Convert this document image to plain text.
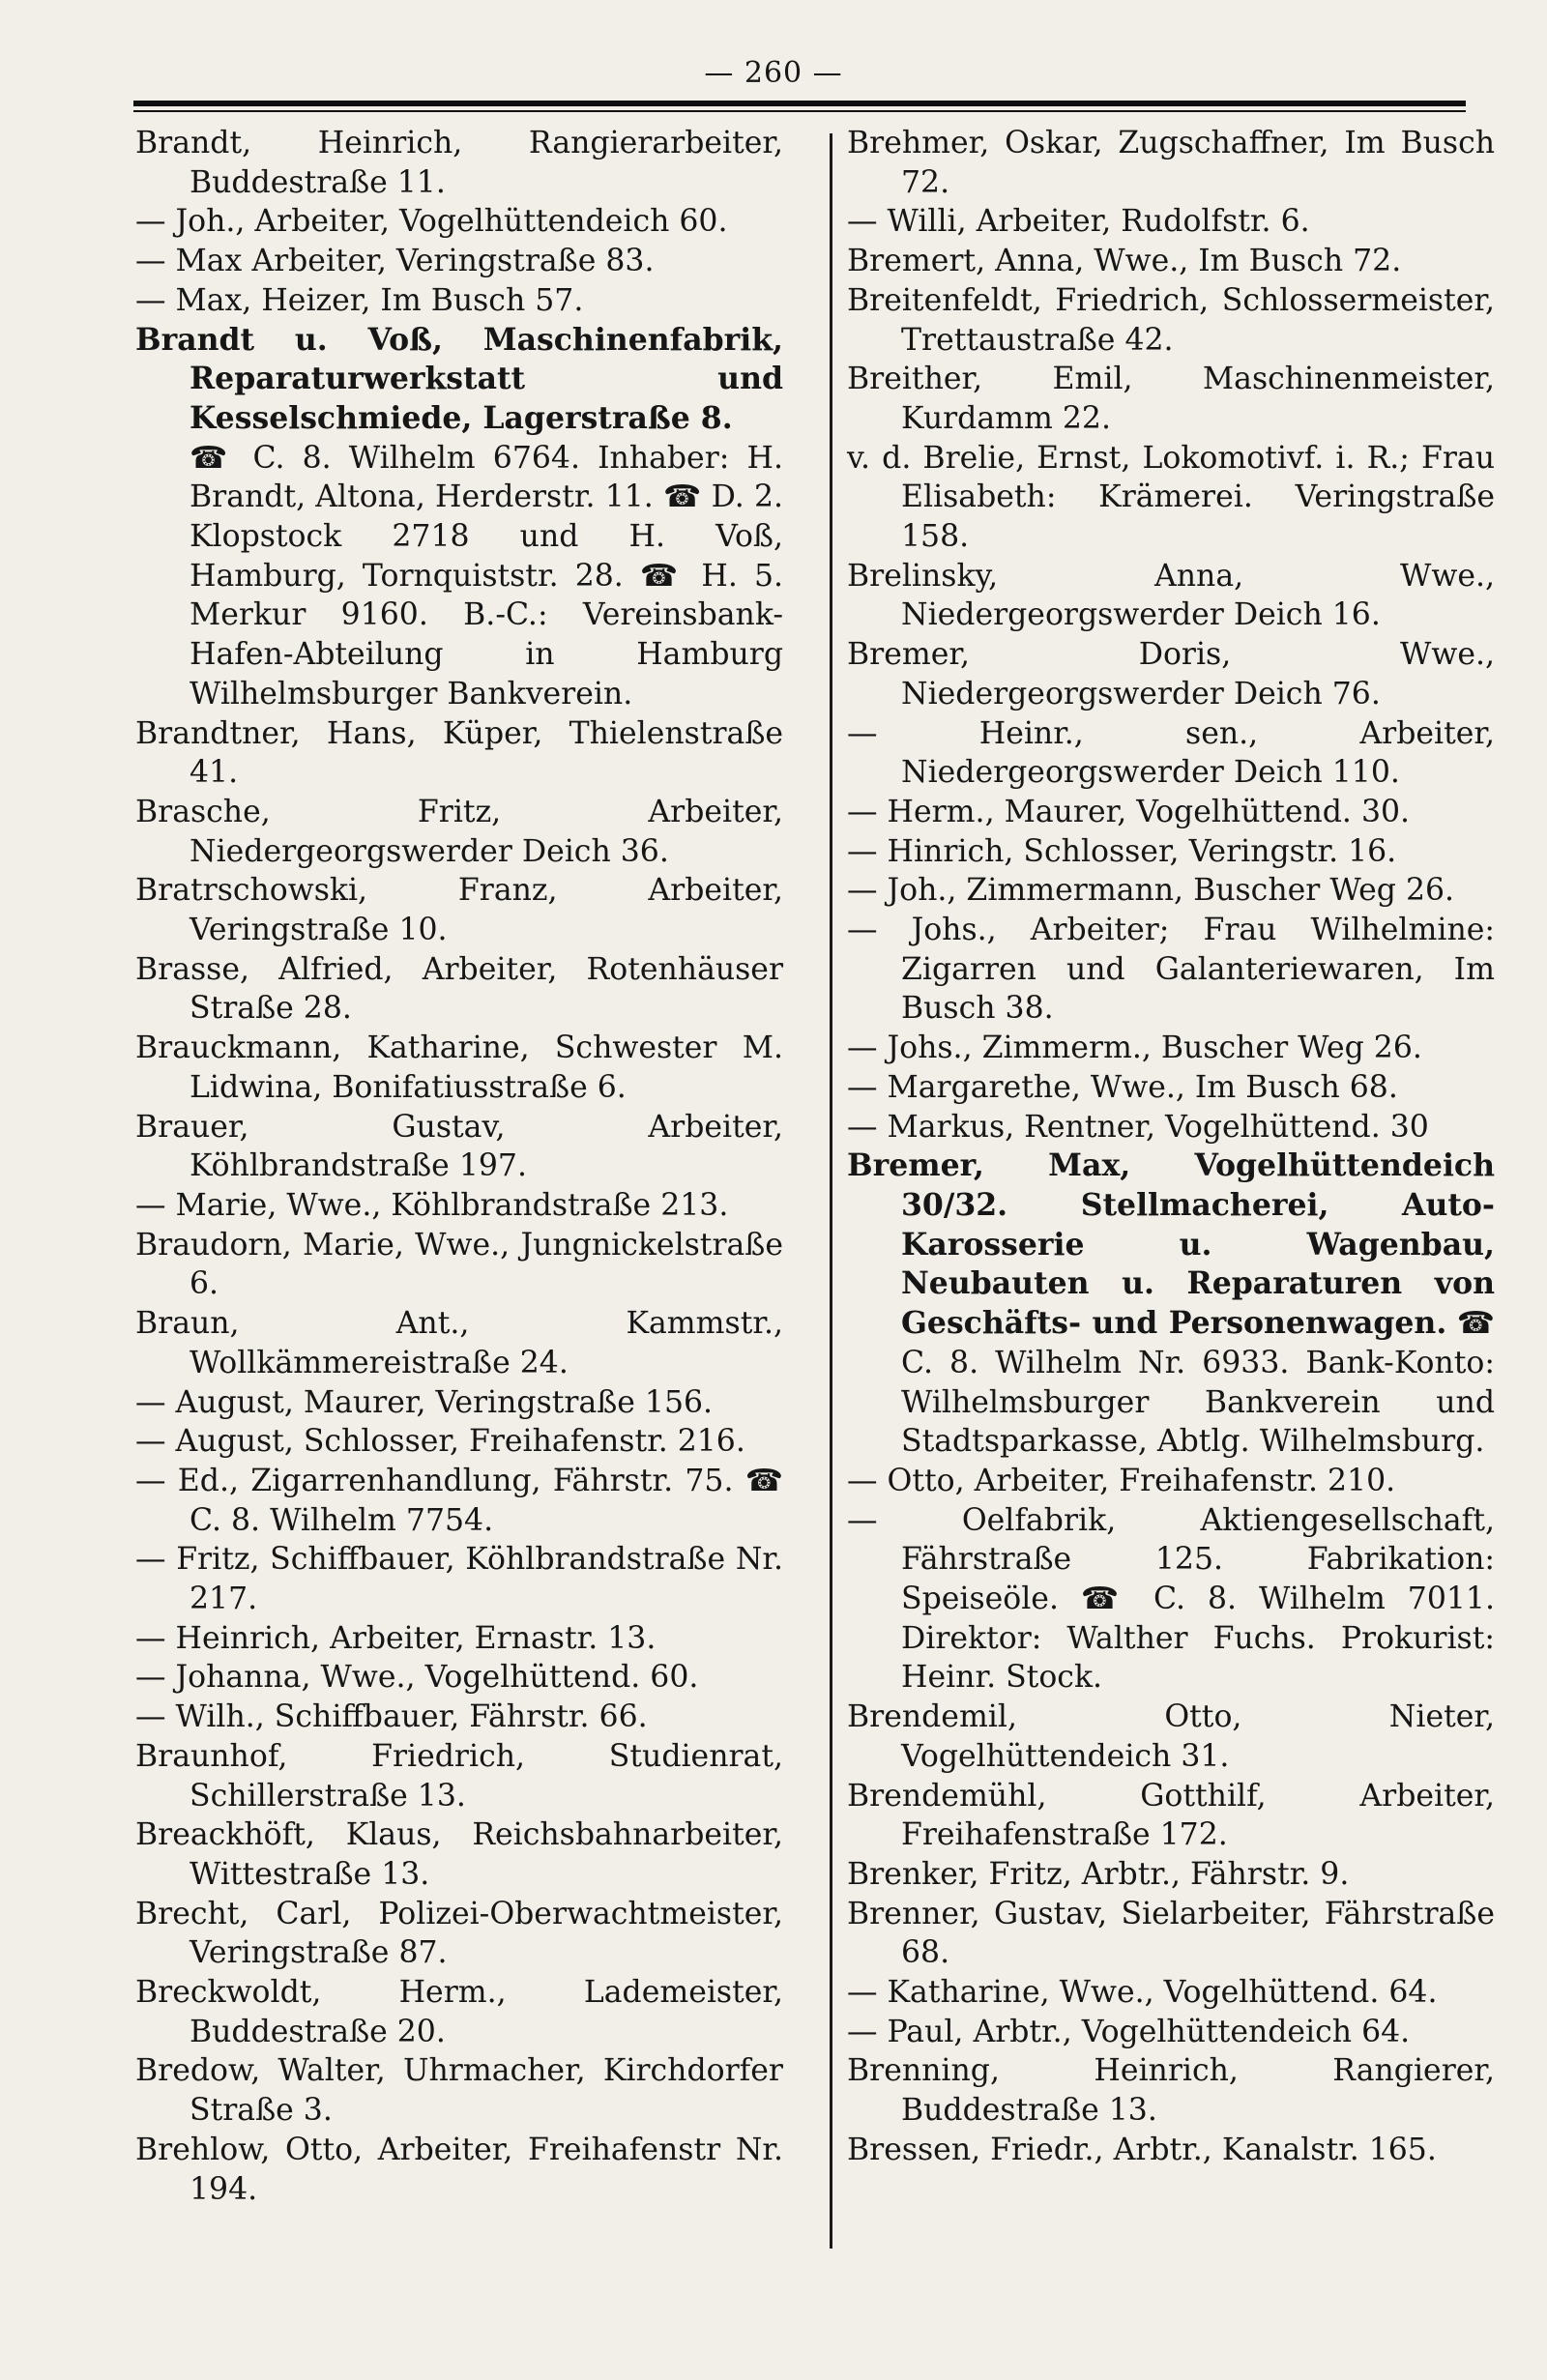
— 260 —
Brandt, Heinrich, Rangierarbeiter, Buddestraße 11.
— Joh., Arbeiter, Vogelhüttendeich 60.
— Max Arbeiter, Veringstraße 83.
— Max, Heizer, Im Busch 57.
Brandt u. Voß, Maschinenfabrik, Reparaturwerkstatt und Kesselschmiede, Lagerstraße 8.
☎ C. 8. Wilhelm 6764. Inhaber: H. Brandt, Altona, Herderstr. 11. ☎ D. 2. Klopstock 2718 und H. Voß, Hamburg, Tornquiststr. 28. ☎ H. 5. Merkur 9160. B.-C.: Vereinsbank-Hafen-Abteilung in Hamburg Wilhelmsburger Bankverein.
Brandtner, Hans, Küper, Thielenstraße 41.
Brasche, Fritz, Arbeiter, Niedergeorgswerder Deich 36.
Bratrschowski, Franz, Arbeiter, Veringstraße 10.
Brasse, Alfried, Arbeiter, Rotenhäuser Straße 28.
Brauckmann, Katharine, Schwester M. Lidwina, Bonifatiusstraße 6.
Brauer, Gustav, Arbeiter, Köhlbrandstraße 197.
— Marie, Wwe., Köhlbrandstraße 213.
Braudorn, Marie, Wwe., Jungnickelstraße 6.
Braun, Ant., Kammstr., Wollkämmereistraße 24.
— August, Maurer, Veringstraße 156.
— August, Schlosser, Freihafenstr. 216.
— Ed., Zigarrenhandlung, Fährstr. 75. ☎ C. 8. Wilhelm 7754.
— Fritz, Schiffbauer, Köhlbrandstraße Nr. 217.
— Heinrich, Arbeiter, Ernastr. 13.
— Johanna, Wwe., Vogelhüttend. 60.
— Wilh., Schiffbauer, Fährstr. 66.
Braunhof, Friedrich, Studienrat, Schillerstraße 13.
Breackhöft, Klaus, Reichsbahnarbeiter, Wittestraße 13.
Brecht, Carl, Polizei-Oberwachtmeister, Veringstraße 87.
Breckwoldt, Herm., Lademeister, Buddestraße 20.
Bredow, Walter, Uhrmacher, Kirchdorfer Straße 3.
Brehlow, Otto, Arbeiter, Freihafenstr Nr. 194.
Brehmer, Oskar, Zugschaffner, Im Busch 72.
— Willi, Arbeiter, Rudolfstr. 6.
Bremert, Anna, Wwe., Im Busch 72.
Breitenfeldt, Friedrich, Schlossermeister, Trettaustraße 42.
Breither, Emil, Maschinenmeister, Kurdamm 22.
v. d. Brelie, Ernst, Lokomotivf. i. R.; Frau Elisabeth: Krämerei. Veringstraße 158.
Brelinsky, Anna, Wwe., Niedergeorgswerder Deich 16.
Bremer, Doris, Wwe., Niedergeorgswerder Deich 76.
— Heinr., sen., Arbeiter, Niedergeorgswerder Deich 110.
— Herm., Maurer, Vogelhüttend. 30.
— Hinrich, Schlosser, Veringstr. 16.
— Joh., Zimmermann, Buscher Weg 26.
— Johs., Arbeiter; Frau Wilhelmine: Zigarren und Galanteriewaren, Im Busch 38.
— Johs., Zimmerm., Buscher Weg 26.
— Margarethe, Wwe., Im Busch 68.
— Markus, Rentner, Vogelhüttend. 30
Bremer, Max, Vogelhüttendeich 30/32. Stellmacherei, Auto-Karosserie u. Wagenbau, Neubauten u. Reparaturen von Geschäfts- und Personenwagen. ☎ C. 8. Wilhelm Nr. 6933. Bank-Konto: Wilhelmsburger Bankverein und Stadtsparkasse, Abtlg. Wilhelmsburg.
— Otto, Arbeiter, Freihafenstr. 210.
— Oelfabrik, Aktiengesellschaft, Fährstraße 125. Fabrikation: Speiseöle. ☎ C. 8. Wilhelm 7011. Direktor: Walther Fuchs. Prokurist: Heinr. Stock.
Brendemil, Otto, Nieter, Vogelhüttendeich 31.
Brendemühl, Gotthilf, Arbeiter, Freihafenstraße 172.
Brenker, Fritz, Arbtr., Fährstr. 9.
Brenner, Gustav, Sielarbeiter, Fährstraße 68.
— Katharine, Wwe., Vogelhüttend. 64.
— Paul, Arbtr., Vogelhüttendeich 64.
Brenning, Heinrich, Rangierer, Buddestraße 13.
Bressen, Friedr., Arbtr., Kanalstr. 165.
